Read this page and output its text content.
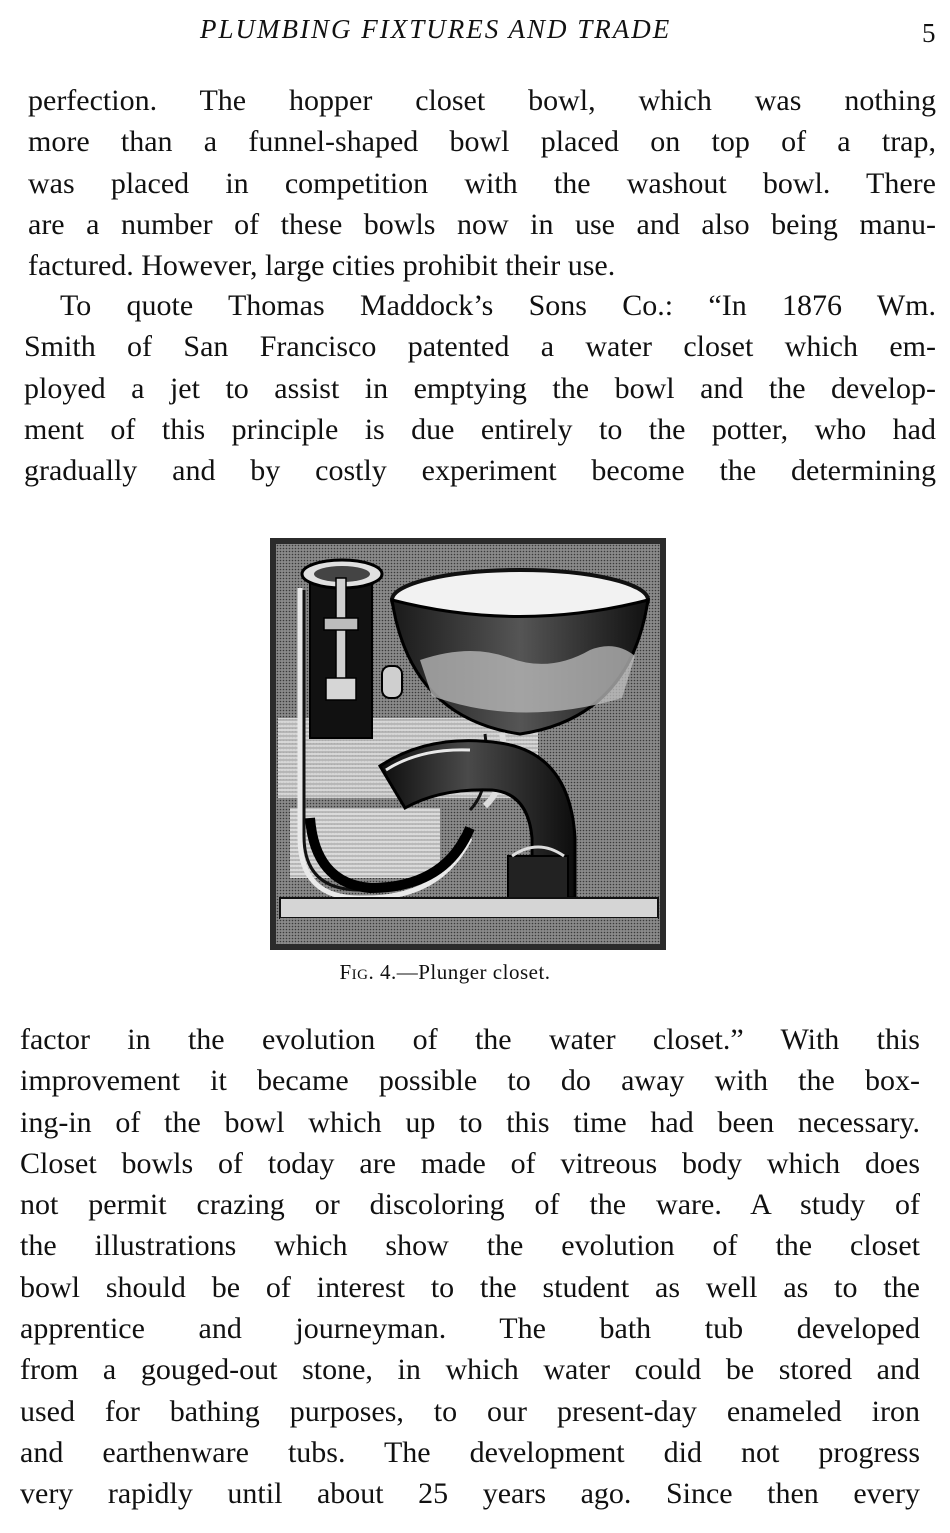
PLUMBING FIXTURES AND TRADE	5

perfection. The hopper closet bowl, which was nothing
more than a funnel-shaped bowl placed on top of a trap,
was placed in competition with the washout bowl. There
are a number of these bowls now in use and also being manu-
factured. However, large cities prohibit their use.

To quote Thomas Maddock’s Sons Co.: “In 1876 Wm.
Smith of San Francisco patented a water closet which em-
ployed a jet to assist in emptying the bowl and the develop-
ment of this principle is due entirely to the potter, who had
gradually and by costly experiment become the determining

Fig. 4.—Plunger closet.

factor in the evolution of the water closet.” With this
improvement it became possible to do away with the box-
ing-in of the bowl which up to this time had been necessary.
Closet bowls of today are made of vitreous body which does
not permit crazing or discoloring of the ware. A study of
the illustrations which show the evolution of the closet
bowl should be of interest to the student as well as to the
apprentice and journeyman. The bath tub developed
from a gouged-out stone, in which water could be stored and
used for bathing purposes, to our present-day enameled iron
and earthenware tubs. The development did not progress
very rapidly until about 25 years ago. Since then every
